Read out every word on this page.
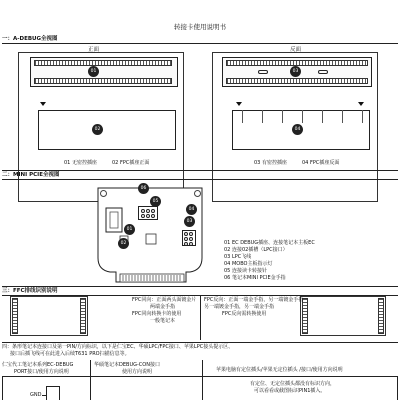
转接卡使用说明书
一：A-DEBUG全视图
正面	反面
01
02
03
04
01 无密控插座	02 FPC插座正面	03 有密控插座	04 FPC插座反面
二：MINI PCIE全视图
06
05
01
02
03
04
01 EC DEBUG插座、连接笔记本主板EC
02 连接02插槽（LPC接口）
03 LPC飞线
04 MOBO主板指示灯
05 连接读卡转接针
06 笔记本MINI PCIE金手指
三：FFC排线识别说明
FPC同向：正面两头面镀金片
两端金手指
FPC同向转换卡的使用
一般笔记本
FPC反向：正面一端金手指，另一端镀金手指
另一端镀金手指，另一端金手指
FPC反向需转换使用
四：条形笔记本连接口及第一PIN/方向标识，以下是仁宝EC、华硕LPC/FPC接口、苹果LPC接头提示区、
接口后插飞线可在此进入后续T631 PRO扫描信息等。
仁宝代工笔记本系列EC-DEBUG
PORT接口/使用方向说明
华硕笔记本DEBUG-CON接口
使用方向说明	苹果电脑有定位插头/苹果无定位插头 /接口/使用方向说明
有定位、无定位插头都没有标识方向，
可以看看或截图标识PIN1插入。
GND
